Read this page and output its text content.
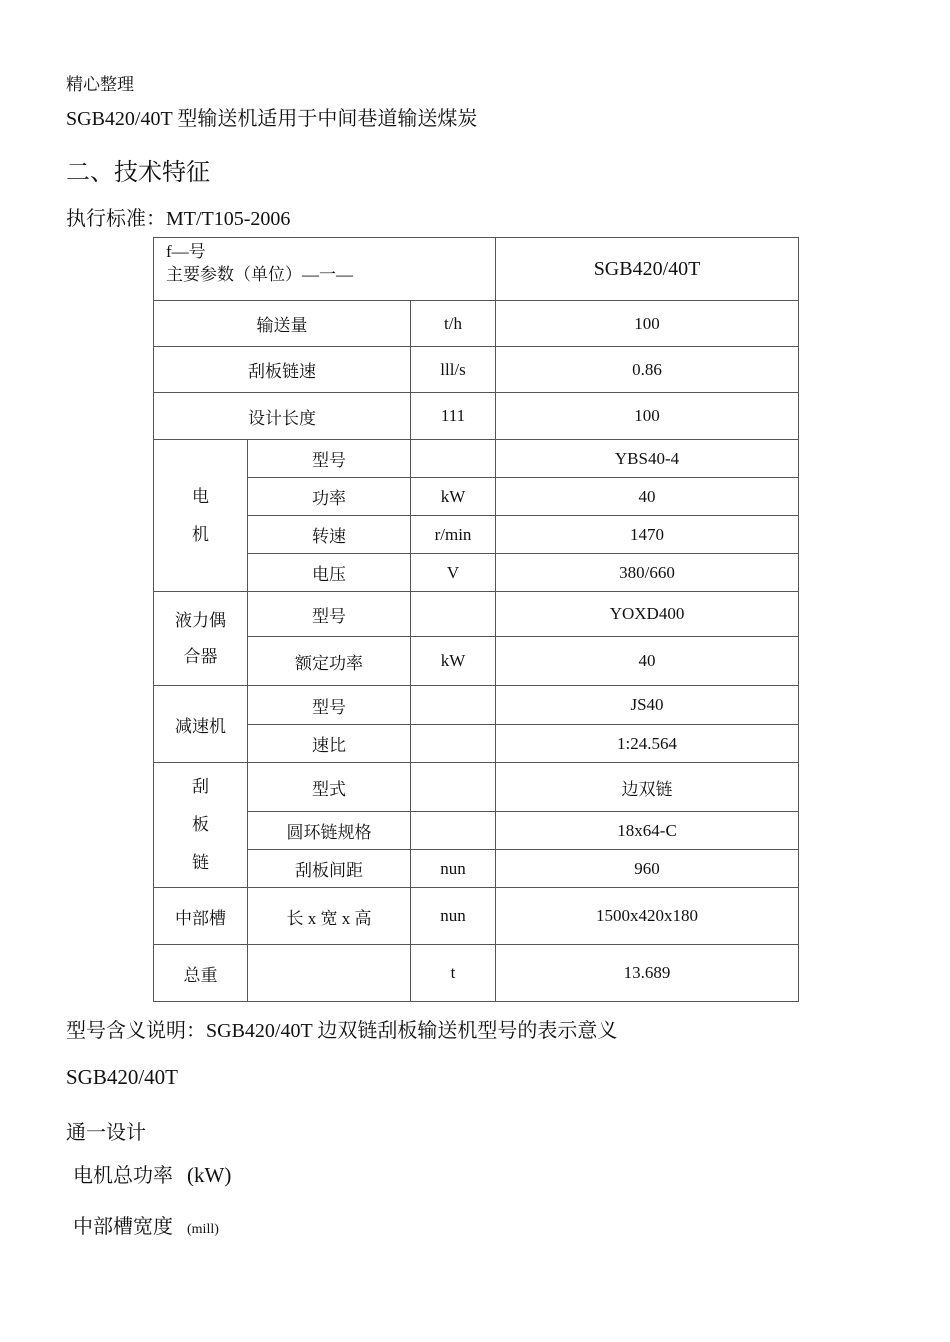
精心整理
SGB420/40T 型输送机适用于中间巷道输送煤炭
二、技术特征
执行标准：MT/T105-2006
f—号
主要参数（单位）—一—			SGB420/40T
输送量		t/h	100
刮板链速		lll/s	0.86
设计长度		111	100

电
机	型号		YBS40-4
	功率	kW	40
	转速	r/min	1470
	电压	V	380/660

液力偶
合器	型号		YOXD400
	额定功率	kW	40
减速机	型号		JS40
	速比		1:24.564

刮
板
链	型式		边双链
	圆环链规格		18x64-C
	刮板间距	nun	960
中部槽	长 x 宽 x 高	nun	1500x420x180
总重		t	13.689
型号含义说明：SGB420/40T 边双链刮板输送机型号的表示意义
SGB420/40T
通一设计
电机总功率 (kW)
中部槽宽度 (mill)
